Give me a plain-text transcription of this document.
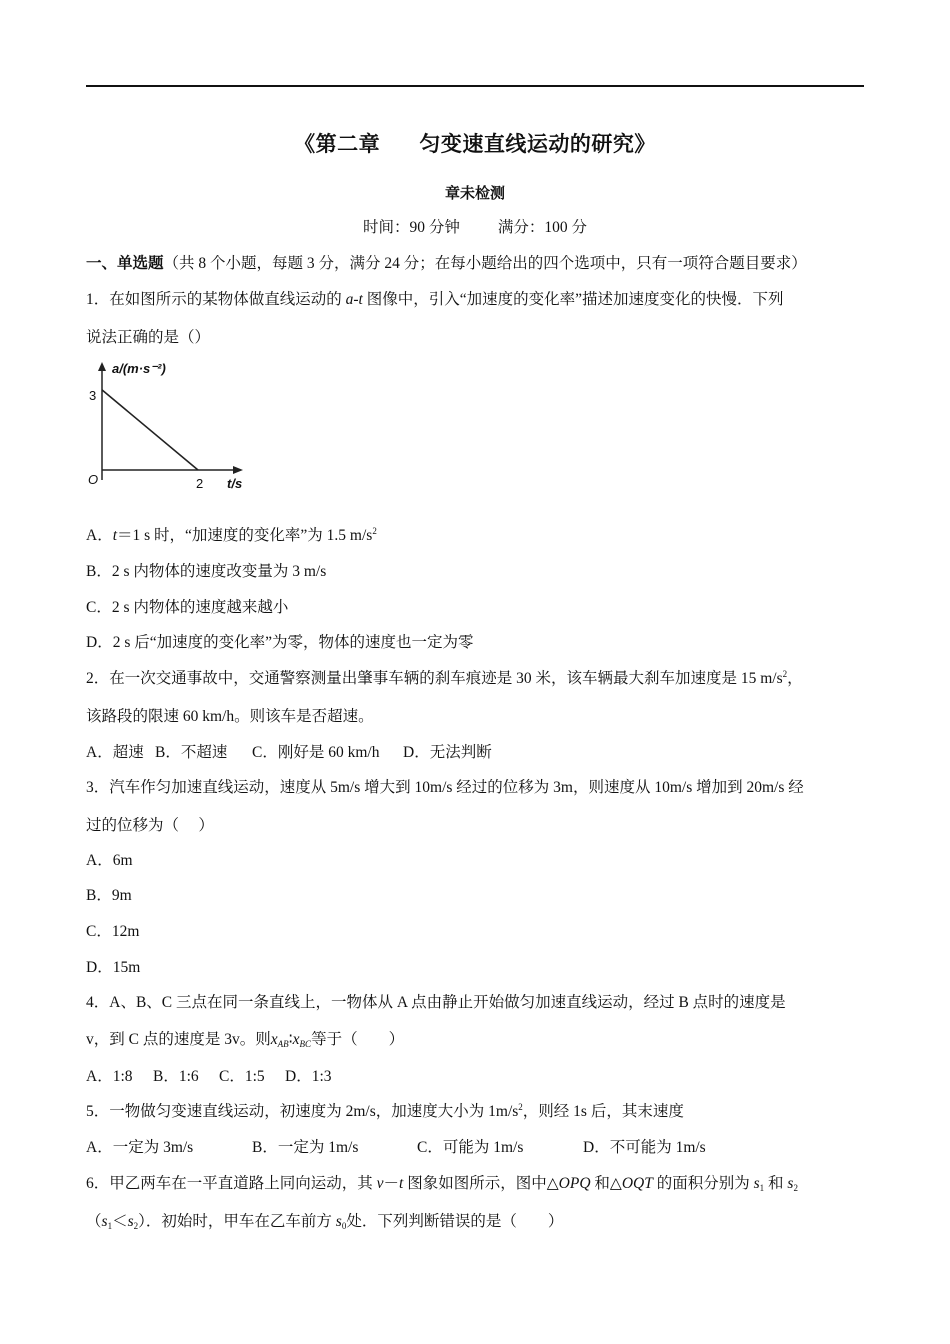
《第二章　 匀变速直线运动的研究》
章未检测
时间：90 分钟 满分：100 分
一、单选题（共 8 个小题，每题 3 分，满分 24 分；在每小题给出的四个选项中，只有一项符合题目要求）
1．在如图所示的某物体做直线运动的 a-t 图像中，引入“加速度的变化率”描述加速度变化的快慢．下列
说法正确的是（）
a/(m·s⁻²)
3
O	2 t/s
A．t＝1 s 时，“加速度的变化率”为 1.5 $m/s^2$
B．2 s 内物体的速度改变量为 3 m/s
C．2 s 内物体的速度越来越小
D．2 s 后“加速度的变化率”为零，物体的速度也一定为零
2．在一次交通事故中，交通警察测量出肇事车辆的刹车痕迹是 30 米，该车辆最大刹车加速度是 15 $m/s^2$，
该路段的限速 60 km/h。则该车是否超速。
A．超速 B．不超速 C．刚好是 60 km/h D．无法判断
3．汽车作匀加速直线运动，速度从 5m/s 增大到 10m/s 经过的位移为 3m，则速度从 10m/s 增加到 20m/s 经
过的位移为（　 ）
A．6m
B．9m
C．12m
D．15m
4．A、B、C 三点在同一条直线上，一物体从 A 点由静止开始做匀加速直线运动，经过 B 点时的速度是
v，到 C 点的速度是 3v。则$x_{AB}∶x_{BC}$等于（　　）
A．1:8 B．1:6 C．1:5 D．1:3
5．一物做匀变速直线运动，初速度为 2m/s，加速度大小为 $1m/s^2$，则经 1s 后，其末速度
A．一定为 3m/s	B．一定为 1m/s	C．可能为 1m/s	D．不可能为 1m/s
6．甲乙两车在一平直道路上同向运动，其 v－t 图象如图所示，图中△OPQ 和△OQT 的面积分别为 $s_1$ 和 $s_2$
$(s_1<s_2)$．初始时，甲车在乙车前方 $s_0$处．下列判断错误的是（　　）
